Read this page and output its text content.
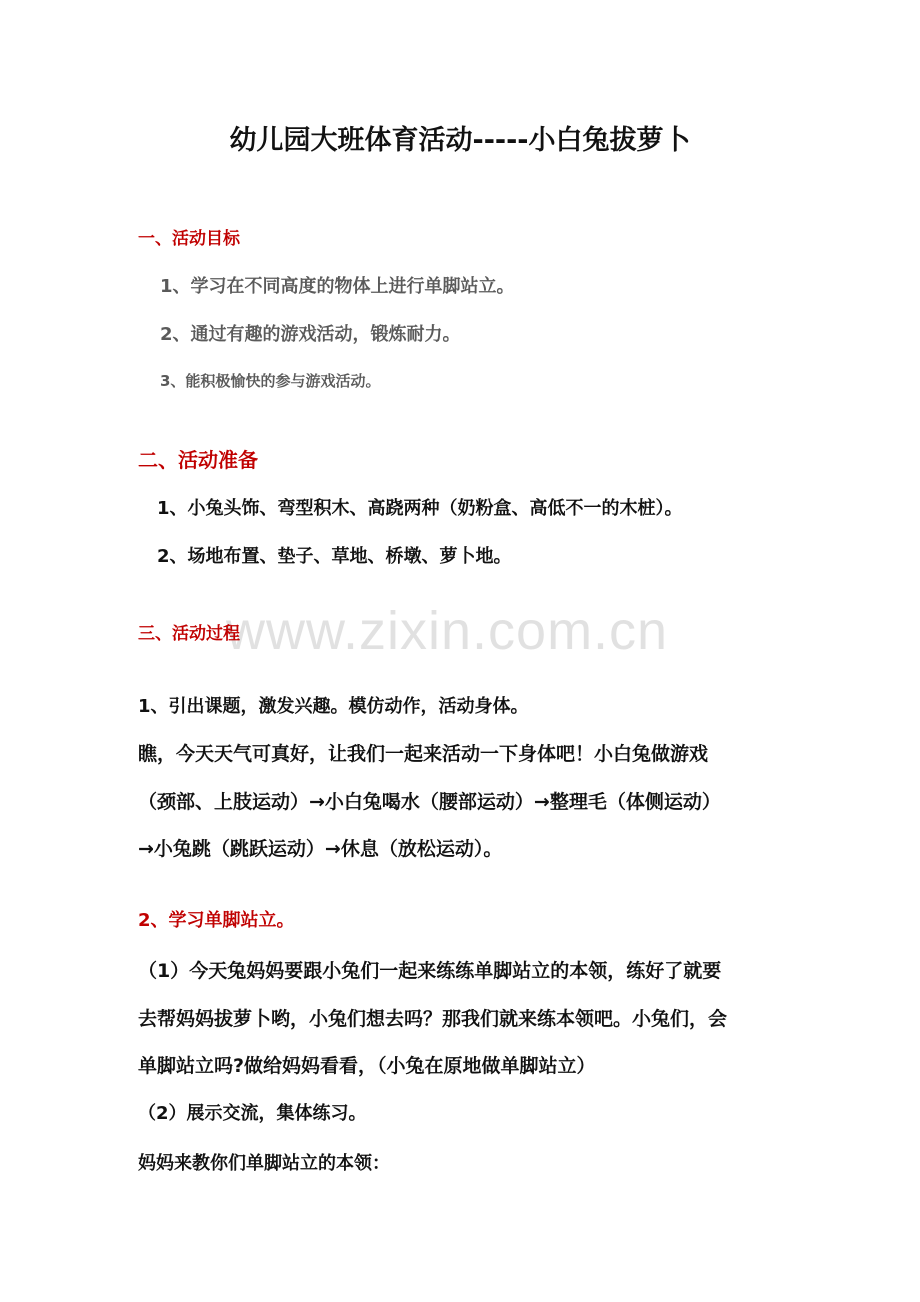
幼儿园大班体育活动-----小白兔拔萝卜
一、活动目标
1、学习在不同高度的物体上进行单脚站立。
2、通过有趣的游戏活动，锻炼耐力。
3、能积极愉快的参与游戏活动。
二、活动准备
1、小兔头饰、弯型积木、高跷两种（奶粉盒、高低不一的木桩）。
2、场地布置、垫子、草地、桥墩、萝卜地。
www.zixin.com.cn
三、活动过程
1、引出课题，激发兴趣。模仿动作，活动身体。
瞧，今天天气可真好，让我们一起来活动一下身体吧！小白兔做游戏
（颈部、上肢运动）→小白兔喝水（腰部运动）→整理毛（体侧运动）
→小兔跳（跳跃运动）→休息（放松运动）。
2、学习单脚站立。
（1）今天兔妈妈要跟小兔们一起来练练单脚站立的本领，练好了就要
去帮妈妈拔萝卜哟，小兔们想去吗？那我们就来练本领吧。小兔们，会
单脚站立吗?做给妈妈看看，（小兔在原地做单脚站立）
（2）展示交流，集体练习。
妈妈来教你们单脚站立的本领：
